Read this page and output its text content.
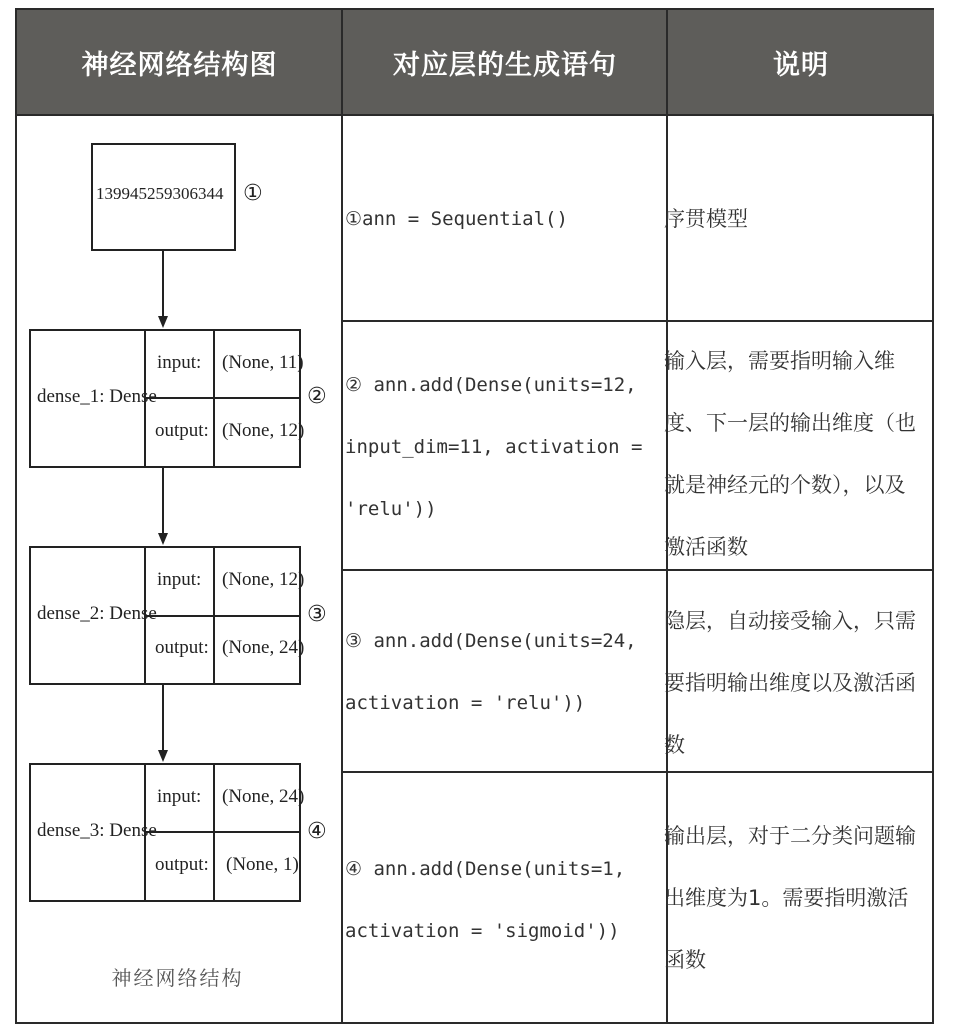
神经网络结构图	对应层的生成语句	说明
139945259306344 ①
dense_1: Dense
input: (None, 11)
output: (None, 12)
②
dense_2: Dense
input: (None, 12)
output: (None, 24)
③
dense_3: Dense
input: (None, 24)
output: (None, 1)
④
神经网络结构
①ann = Sequential()
② ann.add(Dense(units=12, input_dim=11, activation = 'relu'))
③ ann.add(Dense(units=24, activation = 'relu'))
④ ann.add(Dense(units=1, activation = 'sigmoid'))
序贯模型
输入层，需要指明输入维度、下一层的输出维度（也就是神经元的个数），以及激活函数
隐层，自动接受输入，只需要指明输出维度以及激活函数
输出层，对于二分类问题输出维度为1。需要指明激活函数
